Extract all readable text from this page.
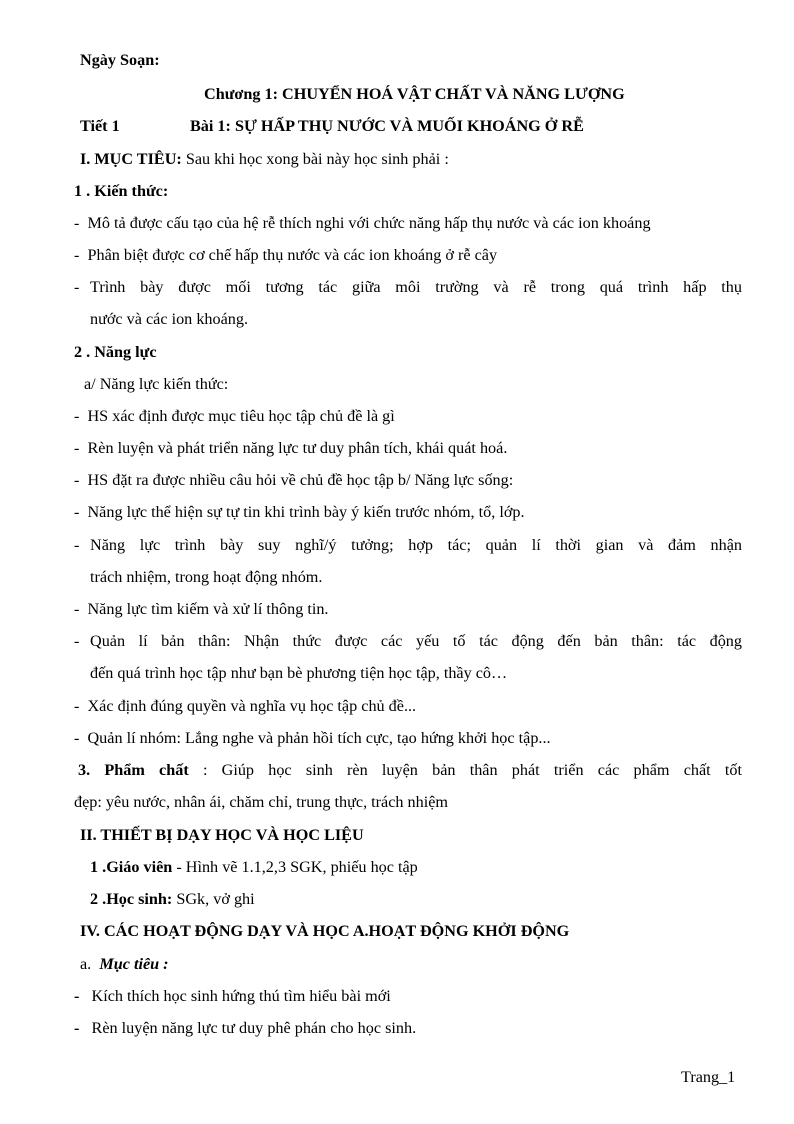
Ngày Soạn:
Chương 1: CHUYỂN HOÁ VẬT CHẤT VÀ NĂNG LƯỢNG
Tiết 1	Bài 1: SỰ HẤP THỤ NƯỚC VÀ MUỐI KHOÁNG Ở RỄ
I. MỤC TIÊU: Sau khi học xong bài này học sinh phải :
1 . Kiến thức:
- Mô tả được cấu tạo của hệ rễ thích nghi với chức năng hấp thụ nước và các ion khoáng
- Phân biệt được cơ chế hấp thụ nước và các ion khoáng ở rễ cây
- Trình bày được mối tương tác giữa môi trường và rễ trong quá trình hấp thụ
nước và các ion khoáng.
2 . Năng lực
a/ Năng lực kiến thức:
- HS xác định được mục tiêu học tập chủ đề là gì
- Rèn luyện và phát triển năng lực tư duy phân tích, khái quát hoá.
- HS đặt ra được nhiều câu hỏi về chủ đề học tập b/ Năng lực sống:
- Năng lực thể hiện sự tự tin khi trình bày ý kiến trước nhóm, tổ, lớp.
- Năng lực trình bày suy nghĩ/ý tưởng; hợp tác; quản lí thời gian và đảm nhận
trách nhiệm, trong hoạt động nhóm.
- Năng lực tìm kiếm và xử lí thông tin.
- Quản lí bản thân: Nhận thức được các yếu tố tác động đến bản thân: tác động
đến quá trình học tập như bạn bè phương tiện học tập, thầy cô…
- Xác định đúng quyền và nghĩa vụ học tập chủ đề...
- Quản lí nhóm: Lắng nghe và phản hồi tích cực, tạo hứng khởi học tập...
3. Phẩm chất : Giúp học sinh rèn luyện bản thân phát triển các phẩm chất tốt
đẹp: yêu nước, nhân ái, chăm chỉ, trung thực, trách nhiệm
II. THIẾT BỊ DẠY HỌC VÀ HỌC LIỆU
1 .Giáo viên - Hình vẽ 1.1,2,3 SGK, phiếu học tập
2 .Học sinh: SGk, vở ghi
IV. CÁC HOẠT ĐỘNG DẠY VÀ HỌC A.HOẠT ĐỘNG KHỞI ĐỘNG
a. Mục tiêu :
- Kích thích học sinh hứng thú tìm hiểu bài mới
- Rèn luyện năng lực tư duy phê phán cho học sinh.
Trang_1
